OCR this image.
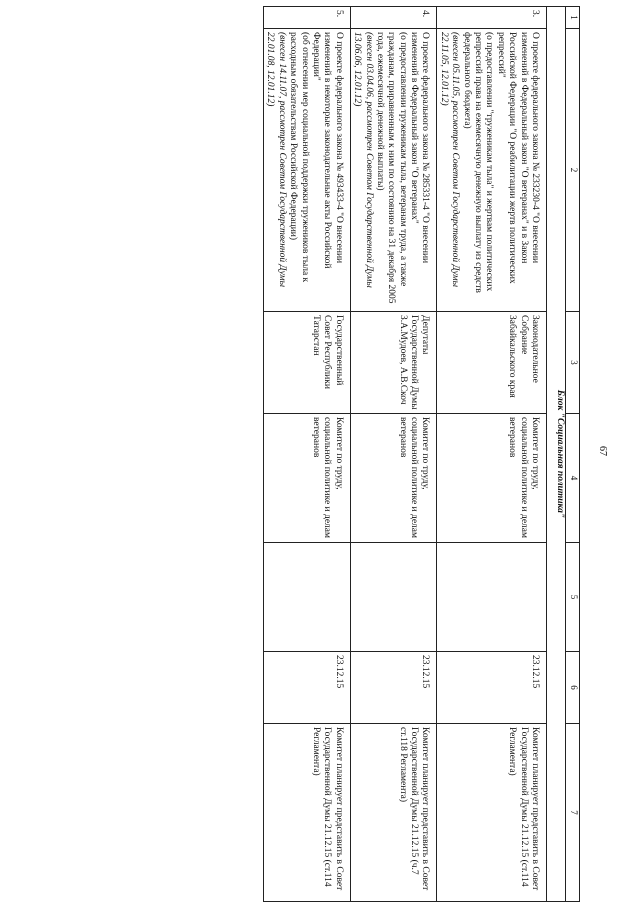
67
1	2	3	4	5	6	7
Блок "Социальная политика"						
3.	О проекте федерального закона № 233230-4 "О внесении изменений в Федеральный закон "О ветеранах" и в Закон Российской Федерации "О реабилитации жертв политических репрессий"
(о предоставлении "труженикам тыла" и жертвам политических репрессий права на ежемесячную денежную выплату из средств федерального бюджета)
(внесен 05.11.05, рассмотрен Советом Государственной Думы 22.11.05, 12.01.12)	Законодательное Собрание Забайкальского края	Комитет по труду, социальной политике и делам ветеранов		23.12.15	Комитет планирует представить в Совет Государственной Думы 21.12.15 (ст.114 Регламента)
4.	О проекте федерального закона № 285331-4 "О внесении изменений в Федеральный закон "О ветеранах"
(о предоставлении труженикам тыла, ветеранам труда, а также гражданам, приравненным к ним по состоянию на 31 декабря 2005 года, ежемесячной денежной выплаты)
(внесен 03.04.06, рассмотрен Советом Государственной Думы 13.06.06, 12.01.12)	Депутаты Государственной Думы З.А.Мудоев, А.В.Скоч	Комитет по труду, социальной политике и делам ветеранов		23.12.15	Комитет планирует представить в Совет Государственной Думы 21.12.15 (ч.7 ст.118 Регламента)
5.	О проекте федерального закона № 493433-4 "О внесении изменений в некоторые законодательные акты Российской Федерации"
(об отнесении мер социальной поддержки тружеников тыла к расходным обязательствам Российской Федерации)
(внесен 14.11.07, рассмотрен Советом Государственной Думы 22.01.08, 12.01.12)	Государственный Совет Республики Татарстан	Комитет по труду, социальной политике и делам ветеранов		23.12.15	Комитет планирует представить в Совет Государственной Думы 21.12.15 (ст.114 Регламента)
